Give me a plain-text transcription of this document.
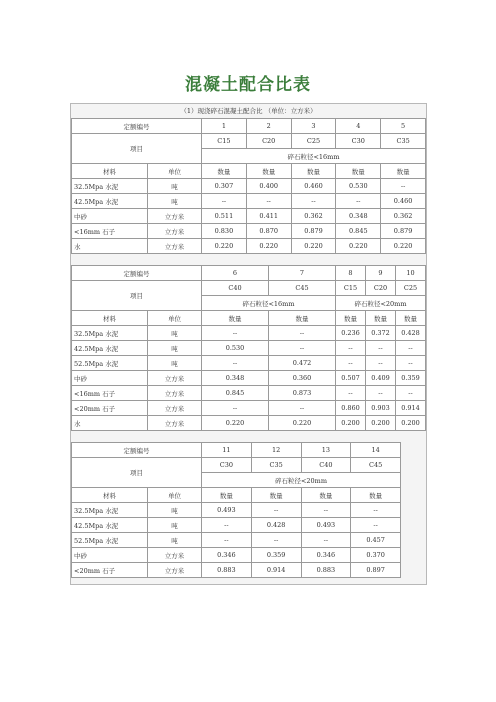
混凝土配合比表
（1）现浇碎石混凝土配合比 （单位：立方米）
定额编号		1	2	3	4	5
项目		C15	C20	C25	C30	C35
		碎石粒径<16mm				
材料	单位	数量	数量	数量	数量	数量
32.5Mpa 水泥	吨	0.307	0.400	0.460	0.530	--
42.5Mpa 水泥	吨	--	--	--	--	0.460
中砂	立方米	0.511	0.411	0.362	0.348	0.362
<16mm 石子	立方米	0.830	0.870	0.879	0.845	0.879
水	立方米	0.220	0.220	0.220	0.220	0.220
定额编号		6	7	8	9	10
项目		C40	C45	C15	C20	C25
		碎石粒径<16mm		碎石粒径<20mm		
材料	单位	数量	数量	数量	数量	数量
32.5Mpa 水泥	吨	--	--	0.236	0.372	0.428
42.5Mpa 水泥	吨	0.530	--	--	--	--
52.5Mpa 水泥	吨	--	0.472	--	--	--
中砂	立方米	0.348	0.360	0.507	0.409	0.359
<16mm 石子	立方米	0.845	0.873	--	--	--
<20mm 石子	立方米	--	--	0.860	0.903	0.914
水	立方米	0.220	0.220	0.200	0.200	0.200
定额编号		11	12	13	14
项目		C30	C35	C40	C45
		碎石粒径<20mm			
材料	单位	数量	数量	数量	数量
32.5Mpa 水泥	吨	0.493	--	--	--
42.5Mpa 水泥	吨	--	0.428	0.493	--
52.5Mpa 水泥	吨	--	--	--	0.457
中砂	立方米	0.346	0.359	0.346	0.370
<20mm 石子	立方米	0.883	0.914	0.883	0.897
